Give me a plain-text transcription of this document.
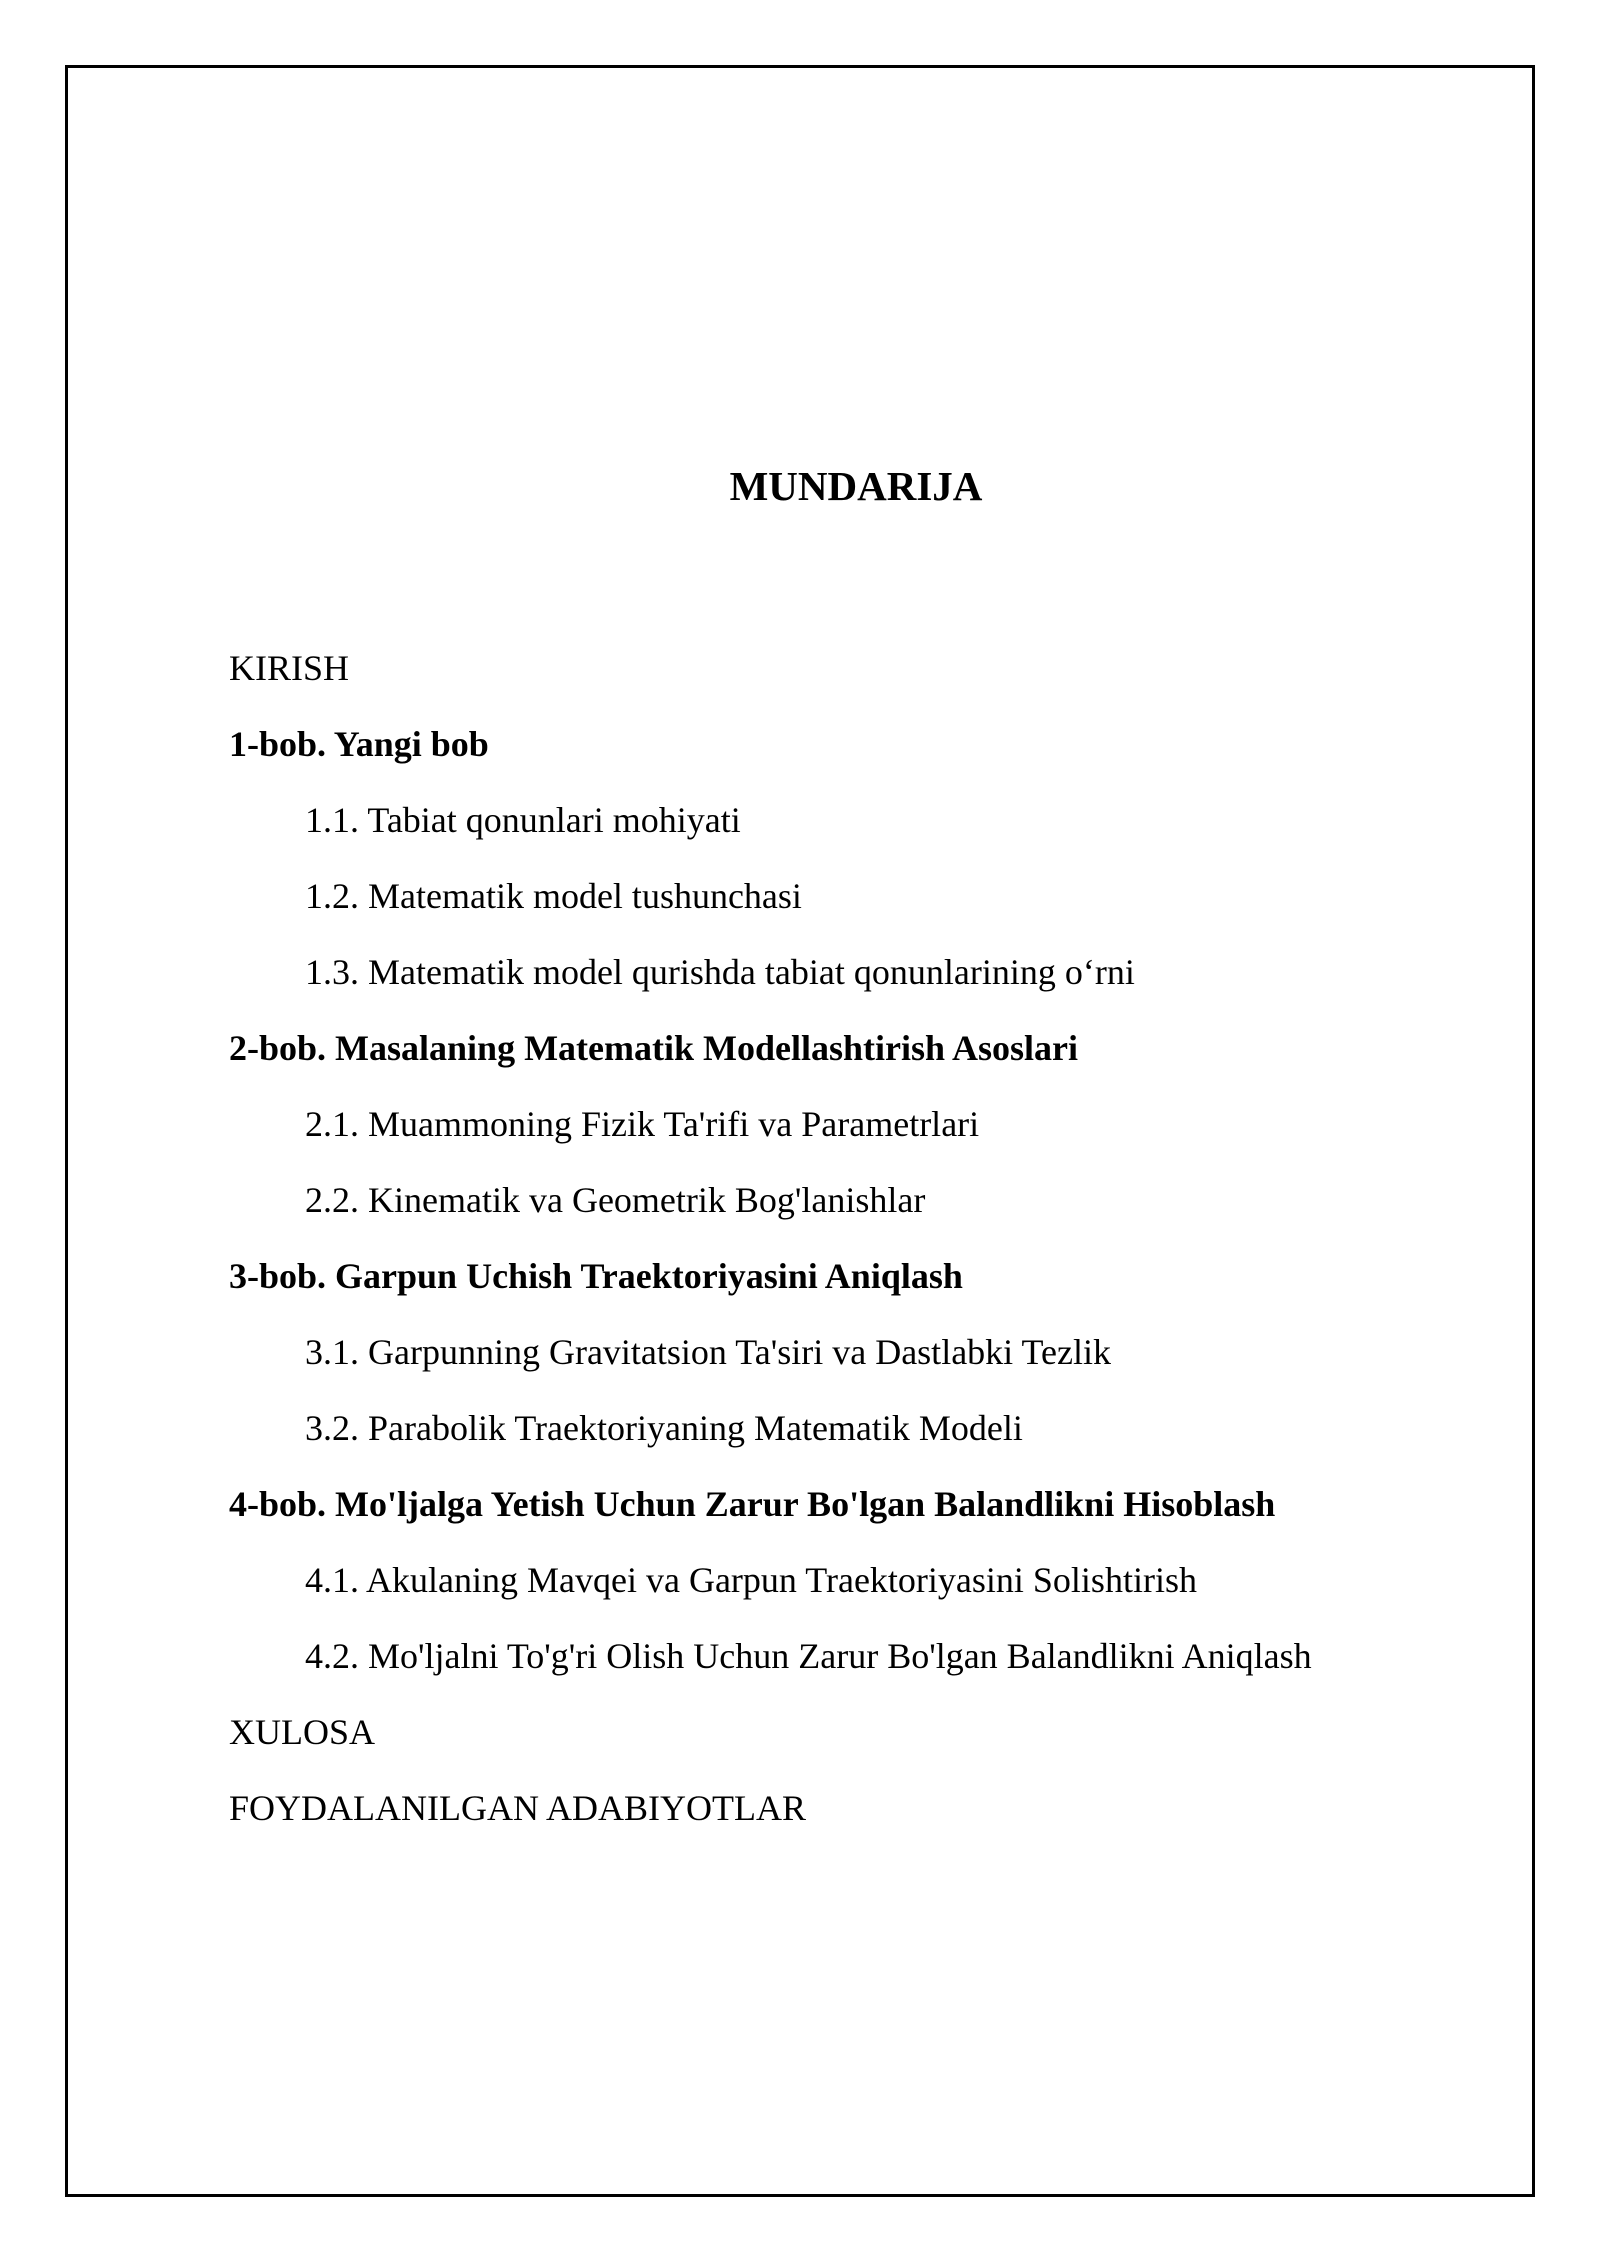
MUNDARIJA
KIRISH
1-bob. Yangi bob
1.1. Tabiat qonunlari mohiyati
1.2. Matematik model tushunchasi
1.3. Matematik model qurishda tabiat qonunlarining o‘rni
2-bob. Masalaning Matematik Modellashtirish Asoslari
2.1. Muammoning Fizik Ta'rifi va Parametrlari
2.2. Kinematik va Geometrik Bog'lanishlar
3-bob. Garpun Uchish Traektoriyasini Aniqlash
3.1. Garpunning Gravitatsion Ta'siri va Dastlabki Tezlik
3.2. Parabolik Traektoriyaning Matematik Modeli
4-bob. Mo'ljalga Yetish Uchun Zarur Bo'lgan Balandlikni Hisoblash
4.1. Akulaning Mavqei va Garpun Traektoriyasini Solishtirish
4.2. Mo'ljalni To'g'ri Olish Uchun Zarur Bo'lgan Balandlikni Aniqlash
XULOSA
FOYDALANILGAN ADABIYOTLAR
